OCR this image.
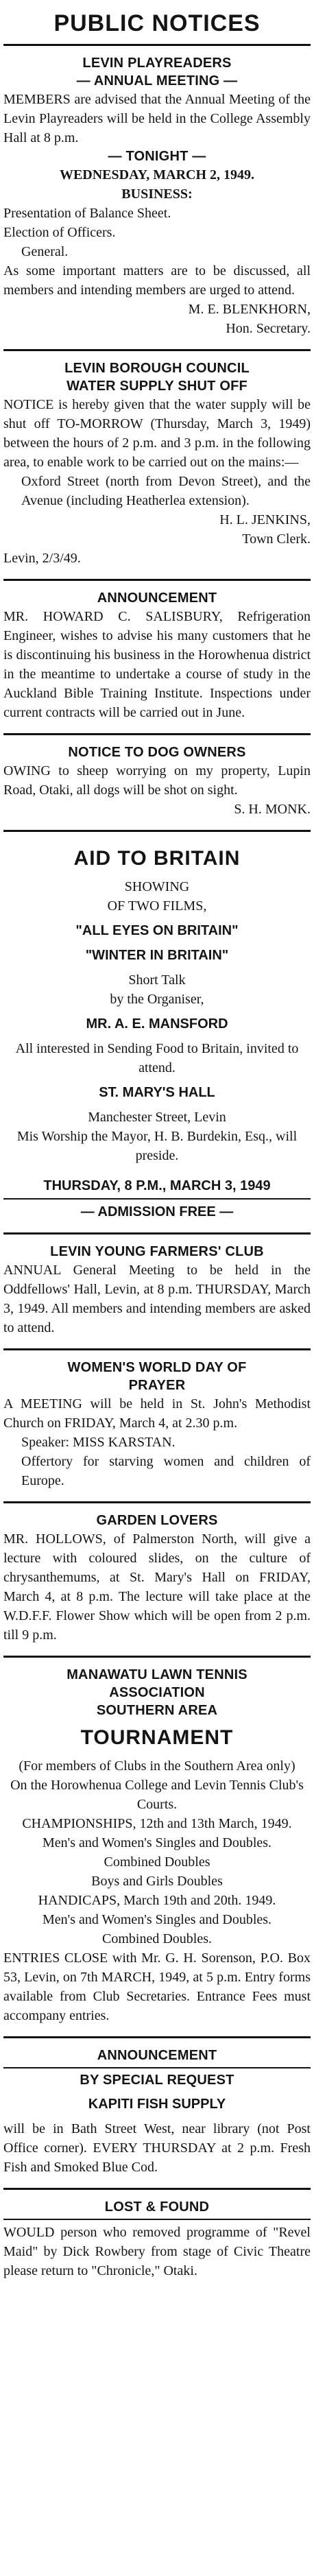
PUBLIC NOTICES
LEVIN PLAYREADERS
— ANNUAL MEETING —
MEMBERS are advised that the Annual Meeting of the Levin Playreaders will be held in the College Assembly Hall at 8 p.m.
— TONIGHT —
WEDNESDAY, MARCH 2, 1949.
BUSINESS:
Presentation of Balance Sheet.
Election of Officers.
General.
As some important matters are to be discussed, all members and intending members are urged to attend.
M. E. BLENKHORN,
Hon. Secretary.
LEVIN BOROUGH COUNCIL
WATER SUPPLY SHUT OFF
NOTICE is hereby given that the water supply will be shut off TO-MORROW (Thursday, March 3, 1949) between the hours of 2 p.m. and 3 p.m. in the following area, to enable work to be carried out on the mains:—
Oxford Street (north from Devon Street), and the Avenue (including Heatherlea extension).
H. L. JENKINS,
Town Clerk.
Levin, 2/3/49.
ANNOUNCEMENT
MR. HOWARD C. SALISBURY, Refrigeration Engineer, wishes to advise his many customers that he is discontinuing his business in the Horowhenua district in the meantime to undertake a course of study in the Auckland Bible Training Institute. Inspections under current contracts will be carried out in June.
NOTICE TO DOG OWNERS
OWING to sheep worrying on my property, Lupin Road, Otaki, all dogs will be shot on sight.
S. H. MONK.
AID TO BRITAIN
SHOWING
OF TWO FILMS,
"ALL EYES ON BRITAIN"
"WINTER IN BRITAIN"
Short Talk
by the Organiser,
MR. A. E. MANSFORD
All interested in Sending Food to Britain, invited to attend.
ST. MARY'S HALL
Manchester Street, Levin
Mis Worship the Mayor, H. B. Burdekin, Esq., will preside.
THURSDAY, 8 P.M., MARCH 3, 1949
— ADMISSION FREE —
LEVIN YOUNG FARMERS' CLUB
ANNUAL General Meeting to be held in the Oddfellows' Hall, Levin, at 8 p.m. THURSDAY, March 3, 1949. All members and intending members are asked to attend.
WOMEN'S WORLD DAY OF
PRAYER
A MEETING will be held in St. John's Methodist Church on FRIDAY, March 4, at 2.30 p.m.
Speaker: MISS KARSTAN.
Offertory for starving women and children of Europe.
GARDEN LOVERS
MR. HOLLOWS, of Palmerston North, will give a lecture with coloured slides, on the culture of chrysanthemums, at St. Mary's Hall on FRIDAY, March 4, at 8 p.m. The lecture will take place at the W.D.F.F. Flower Show which will be open from 2 p.m. till 9 p.m.
MANAWATU LAWN TENNIS
ASSOCIATION
SOUTHERN AREA
TOURNAMENT
(For members of Clubs in the Southern Area only)
On the Horowhenua College and Levin Tennis Club's Courts.
CHAMPIONSHIPS, 12th and 13th March, 1949.
Men's and Women's Singles and Doubles.
Combined Doubles
Boys and Girls Doubles
HANDICAPS, March 19th and 20th. 1949.
Men's and Women's Singles and Doubles.
Combined Doubles.
ENTRIES CLOSE with Mr. G. H. Sorenson, P.O. Box 53, Levin, on 7th MARCH, 1949, at 5 p.m. Entry forms available from Club Secretaries. Entrance Fees must accompany entries.
ANNOUNCEMENT
BY SPECIAL REQUEST
KAPITI FISH SUPPLY
will be in Bath Street West, near library (not Post Office corner). EVERY THURSDAY at 2 p.m. Fresh Fish and Smoked Blue Cod.
LOST & FOUND
WOULD person who removed programme of "Revel Maid" by Dick Rowbery from stage of Civic Theatre please return to "Chronicle," Otaki.
